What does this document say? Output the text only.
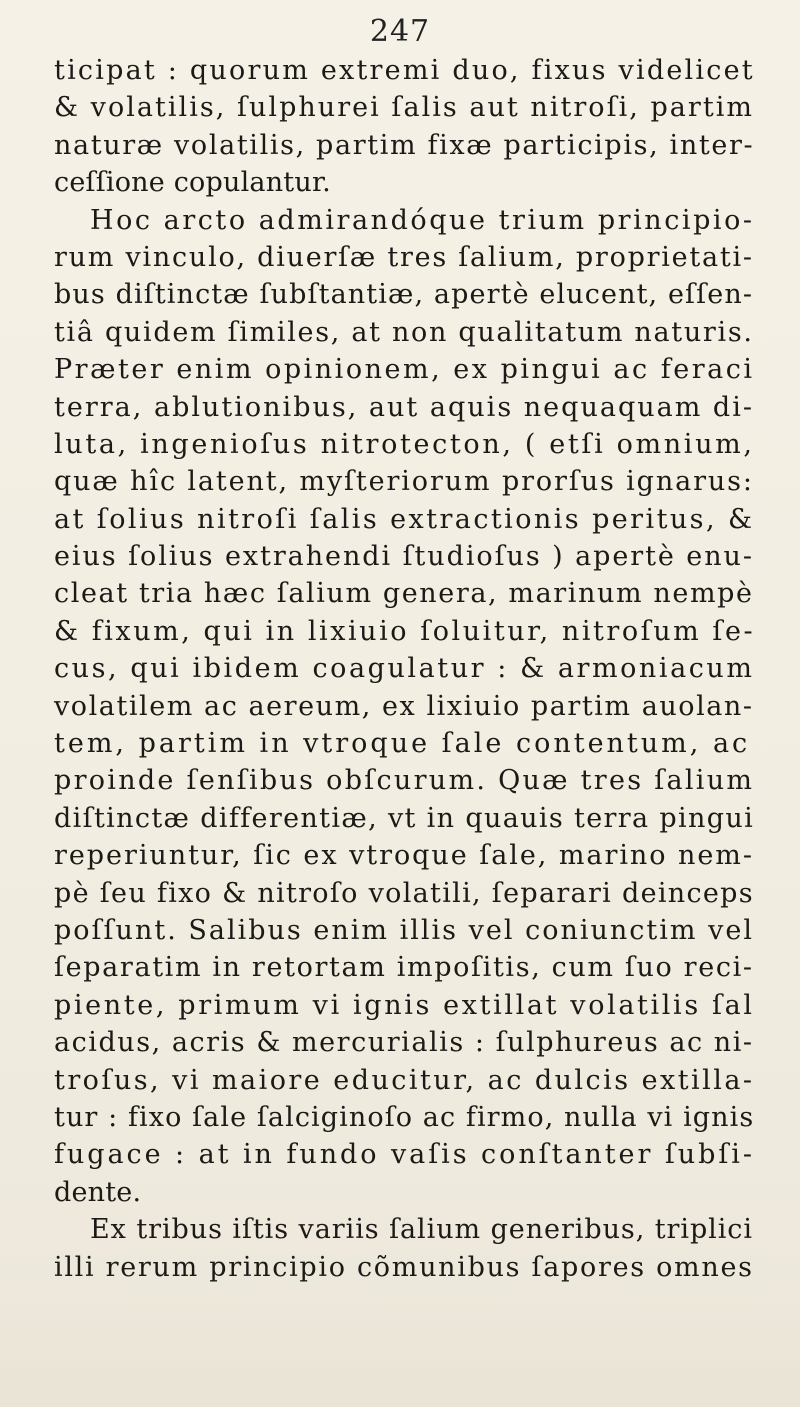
247
ticipat : quorum extremi duo, fixus videlicet
& volatilis, ſulphurei ſalis aut nitroſi, partim
naturæ volatilis, partim fixæ participis, inter-
ceſſione copulantur.
Hoc arcto admirandóque trium principio-
rum vinculo, diuerſæ tres ſalium, proprietati-
bus diſtinctæ ſubſtantiæ, apertè elucent, eſſen-
tiâ quidem ſimiles, at non qualitatum naturis.
Præter enim opinionem, ex pingui ac feraci
terra, ablutionibus, aut aquis nequaquam di-
luta, ingenioſus nitrotecton, ( etſi omnium,
quæ hîc latent, myſteriorum prorſus ignarus:
at ſolius nitroſi ſalis extractionis peritus, &
eius ſolius extrahendi ſtudioſus ) apertè enu-
cleat tria hæc ſalium genera, marinum nempè
& fixum, qui in lixiuio ſoluitur, nitroſum ſe-
cus, qui ibidem coagulatur : & armoniacum
volatilem ac aereum, ex lixiuio partim auolan-
tem, partim in vtroque ſale contentum, ac
proinde ſenſibus obſcurum. Quæ tres ſalium
diſtinctæ differentiæ, vt in quauis terra pingui
reperiuntur, ſic ex vtroque ſale, marino nem-
pè ſeu fixo & nitroſo volatili, ſeparari deinceps
poſſunt. Salibus enim illis vel coniunctim vel
ſeparatim in retortam impoſitis, cum ſuo reci-
piente, primum vi ignis extillat volatilis ſal
acidus, acris & mercurialis : ſulphureus ac ni-
troſus, vi maiore educitur, ac dulcis extilla-
tur : fixo ſale ſalciginoſo ac firmo, nulla vi ignis
fugace : at in fundo vaſis conſtanter ſubſi-
dente.
Ex tribus iſtis variis ſalium generibus, triplici
illi rerum principio cõmunibus ſapores omnes
